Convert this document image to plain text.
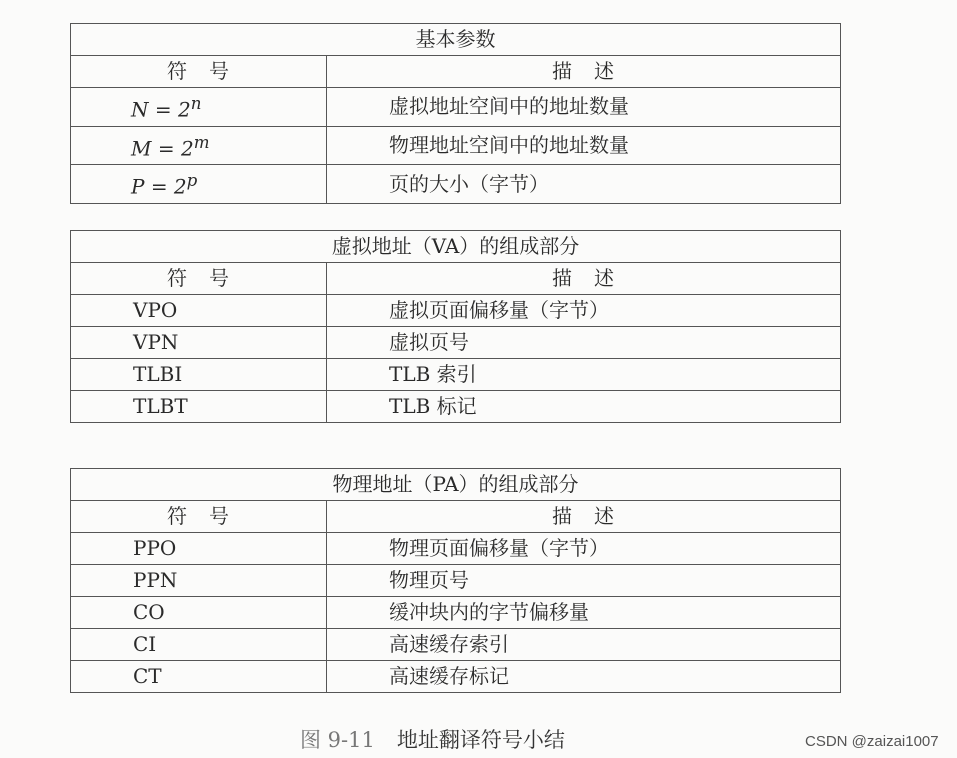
基本参数	
符　号	描　述
$N = 2^n$	虚拟地址空间中的地址数量
$M = 2^m$	物理地址空间中的地址数量
$P = 2^p$	页的大小（字节）
虚拟地址（VA）的组成部分	
符　号	描　述
VPO	虚拟页面偏移量（字节）
VPN	虚拟页号
TLBI	TLB 索引
TLBT	TLB 标记
物理地址（PA）的组成部分	
符　号	描　述
PPO	物理页面偏移量（字节）
PPN	物理页号
CO	缓冲块内的字节偏移量
CI	高速缓存索引
CT	高速缓存标记
图 9-11 地址翻译符号小结	CSDN @zaizai1007
